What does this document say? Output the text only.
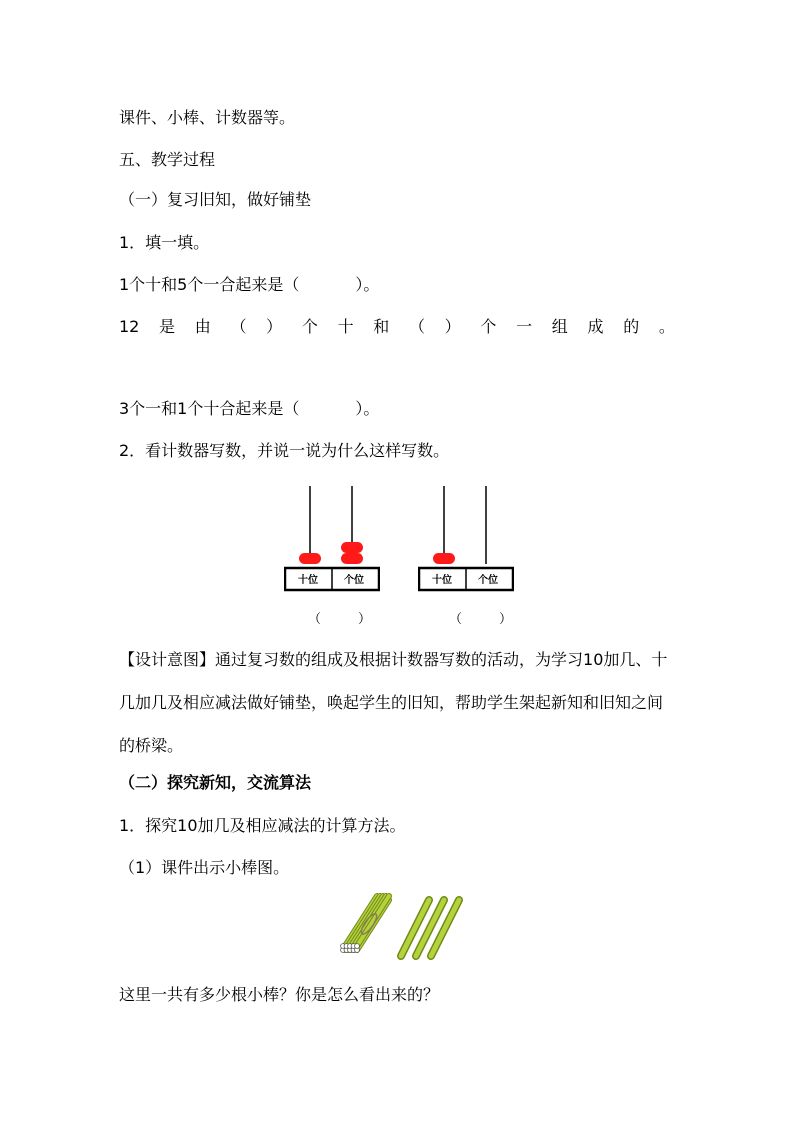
课件、小棒、计数器等。
五、教学过程
（一）复习旧知，做好铺垫
1．填一填。
1个十和5个一合起来是（	）。
12 是 由 （ ） 个 十 和 （ ） 个 一 组 成 的 。
3个一和1个十合起来是（	）。
2．看计数器写数，并说一说为什么这样写数。
十位	个位
（　）
十位	个位
（　）
【设计意图】通过复习数的组成及根据计数器写数的活动，为学习10加几、十几加几及相应减法做好铺垫，唤起学生的旧知，帮助学生架起新知和旧知之间的桥梁。
（二）探究新知，交流算法
1．探究10加几及相应减法的计算方法。
（1）课件出示小棒图。
这里一共有多少根小棒？你是怎么看出来的？
